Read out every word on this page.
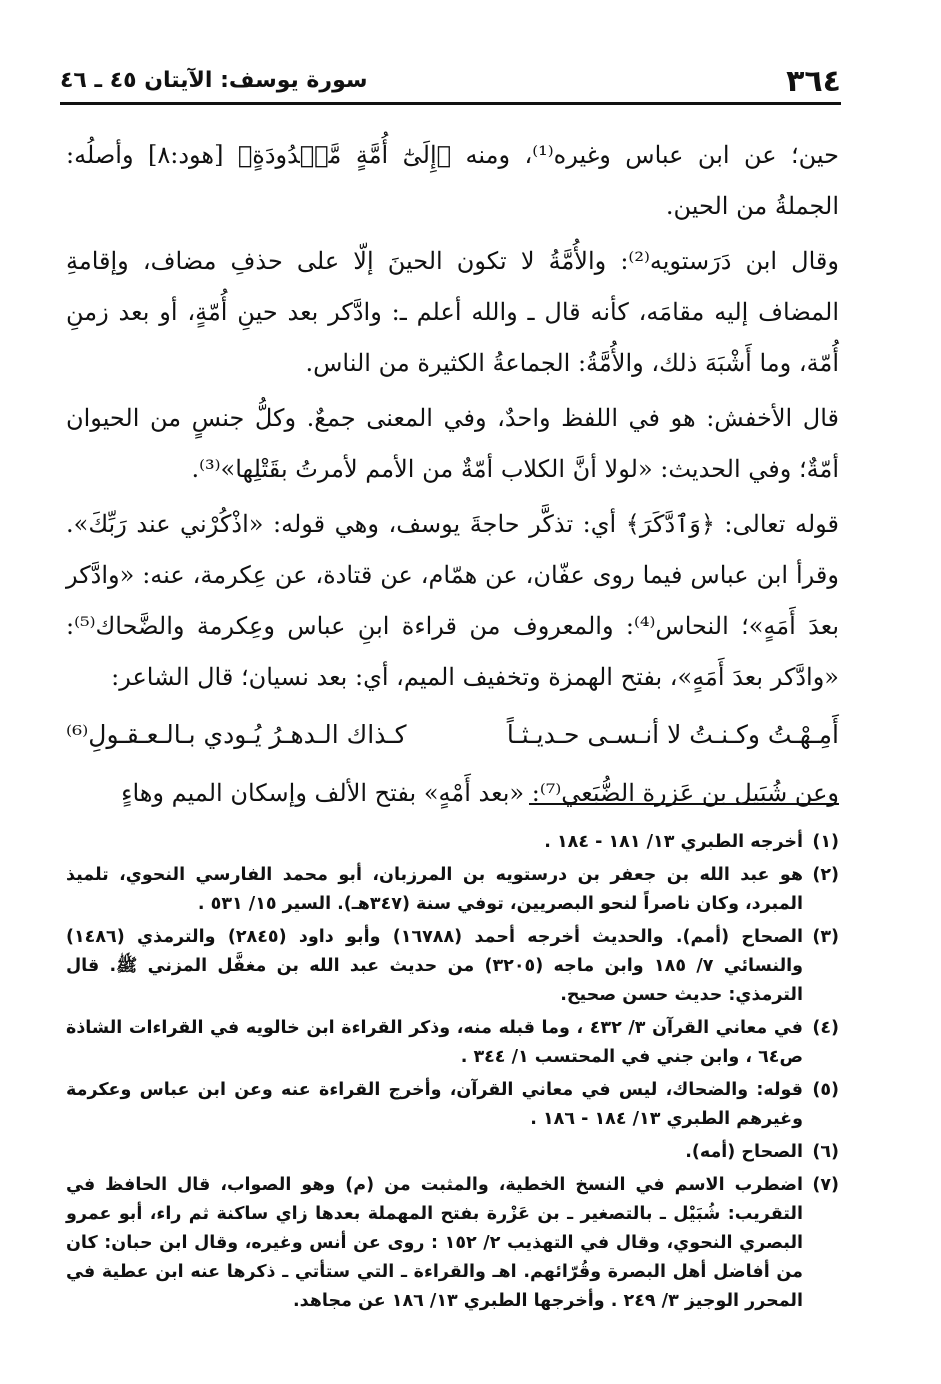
٣٦٤
سورة يوسف: الآيتان ٤٥ ـ ٤٦

حين؛ عن ابن عباس وغيره⁽¹⁾، ومنه ﴿إِلَىٰٓ أُمَّةٍ مَّعۡدُودَةٍ﴾ [هود:٨] وأصلُه: الجملةُ من الحين.

وقال ابن دَرَستويه⁽²⁾: والأُمَّةُ لا تكون الحينَ إلّا على حذفِ مضاف، وإقامةِ المضاف إليه مقامَه، كأنه قال ـ والله أعلم ـ: وادَّكر بعد حينِ أُمّةٍ، أو بعد زمنِ أُمّة، وما أَشْبَهَ ذلك، والأُمَّةُ: الجماعةُ الكثيرة من الناس.

قال الأخفش: هو في اللفظ واحدٌ، وفي المعنى جمعٌ. وكلُّ جنسٍ من الحيوان أمّةٌ؛ وفي الحديث: «لولا أنَّ الكلاب أمّةٌ من الأمم لأمرتُ بقَتْلِها»⁽³⁾.

قوله تعالى: ﴿وَٱدَّكَرَ﴾ أي: تذكَّر حاجةَ يوسف، وهي قوله: «اذْكُرْني عند رَبِّكَ». وقرأ ابن عباس فيما روى عفّان، عن همّام، عن قتادة، عن عِكرمة، عنه: «وادَّكر بعدَ أَمَهٍ»؛ النحاس⁽⁴⁾: والمعروف من قراءة ابنِ عباس وعِكرمة والضَّحاك⁽⁵⁾: «وادَّكر بعدَ أَمَهٍ»، بفتح الهمزة وتخفيف الميم، أي: بعد نسيان؛ قال الشاعر:

أَمِـهْـتُ وكـنـتُ لا أنـسـى حـديـثـاً
كـذاك الـدهـرُ يُـودي بـالـعـقـولِ⁽⁶⁾

وعن شُبَيل بن عَزرة الضُّبَعي⁽⁷⁾: «بعد أَمْهٍ» بفتح الألف وإسكان الميم وهاءٍ

(١)
أخرجه الطبري ١٣/ ١٨١ - ١٨٤ .
(٢)
هو عبد الله بن جعفر بن درستويه بن المرزبان، أبو محمد الفارسي النحوي، تلميذ المبرد، وكان ناصراً لنحو البصريين، توفي سنة (٣٤٧هـ). السير ١٥/ ٥٣١ .
(٣)
الصحاح (أمم). والحديث أخرجه أحمد (١٦٧٨٨) وأبو داود (٢٨٤٥) والترمذي (١٤٨٦) والنسائي ٧/ ١٨٥ وابن ماجه (٣٢٠٥) من حديث عبد الله بن مغفَّل المزني ﷺ. قال الترمذي: حديث حسن صحيح.
(٤)
في معاني القرآن ٣/ ٤٣٢ ، وما قبله منه، وذكر القراءة ابن خالويه في القراءات الشاذة ص٦٤ ، وابن جني في المحتسب ١/ ٣٤٤ .
(٥)
قوله: والضحاك، ليس في معاني القرآن، وأخرج القراءة عنه وعن ابن عباس وعكرمة وغيرهم الطبري ١٣/ ١٨٤ - ١٨٦ .
(٦)
الصحاح (أمه).
(٧)
اضطرب الاسم في النسخ الخطية، والمثبت من (م) وهو الصواب، قال الحافظ في التقريب: شُبَيْل ـ بالتصغير ـ بن عَزْرة بفتح المهملة بعدها زاي ساكنة ثم راء، أبو عمرو البصري النحوي، وقال في التهذيب ٢/ ١٥٢ : روى عن أنس وغيره، وقال ابن حبان: كان من أفاضل أهل البصرة وقُرّائهم. اهـ والقراءة ـ التي ستأتي ـ ذكرها عنه ابن عطية في المحرر الوجيز ٣/ ٢٤٩ . وأخرجها الطبري ١٣/ ١٨٦ عن مجاهد.
